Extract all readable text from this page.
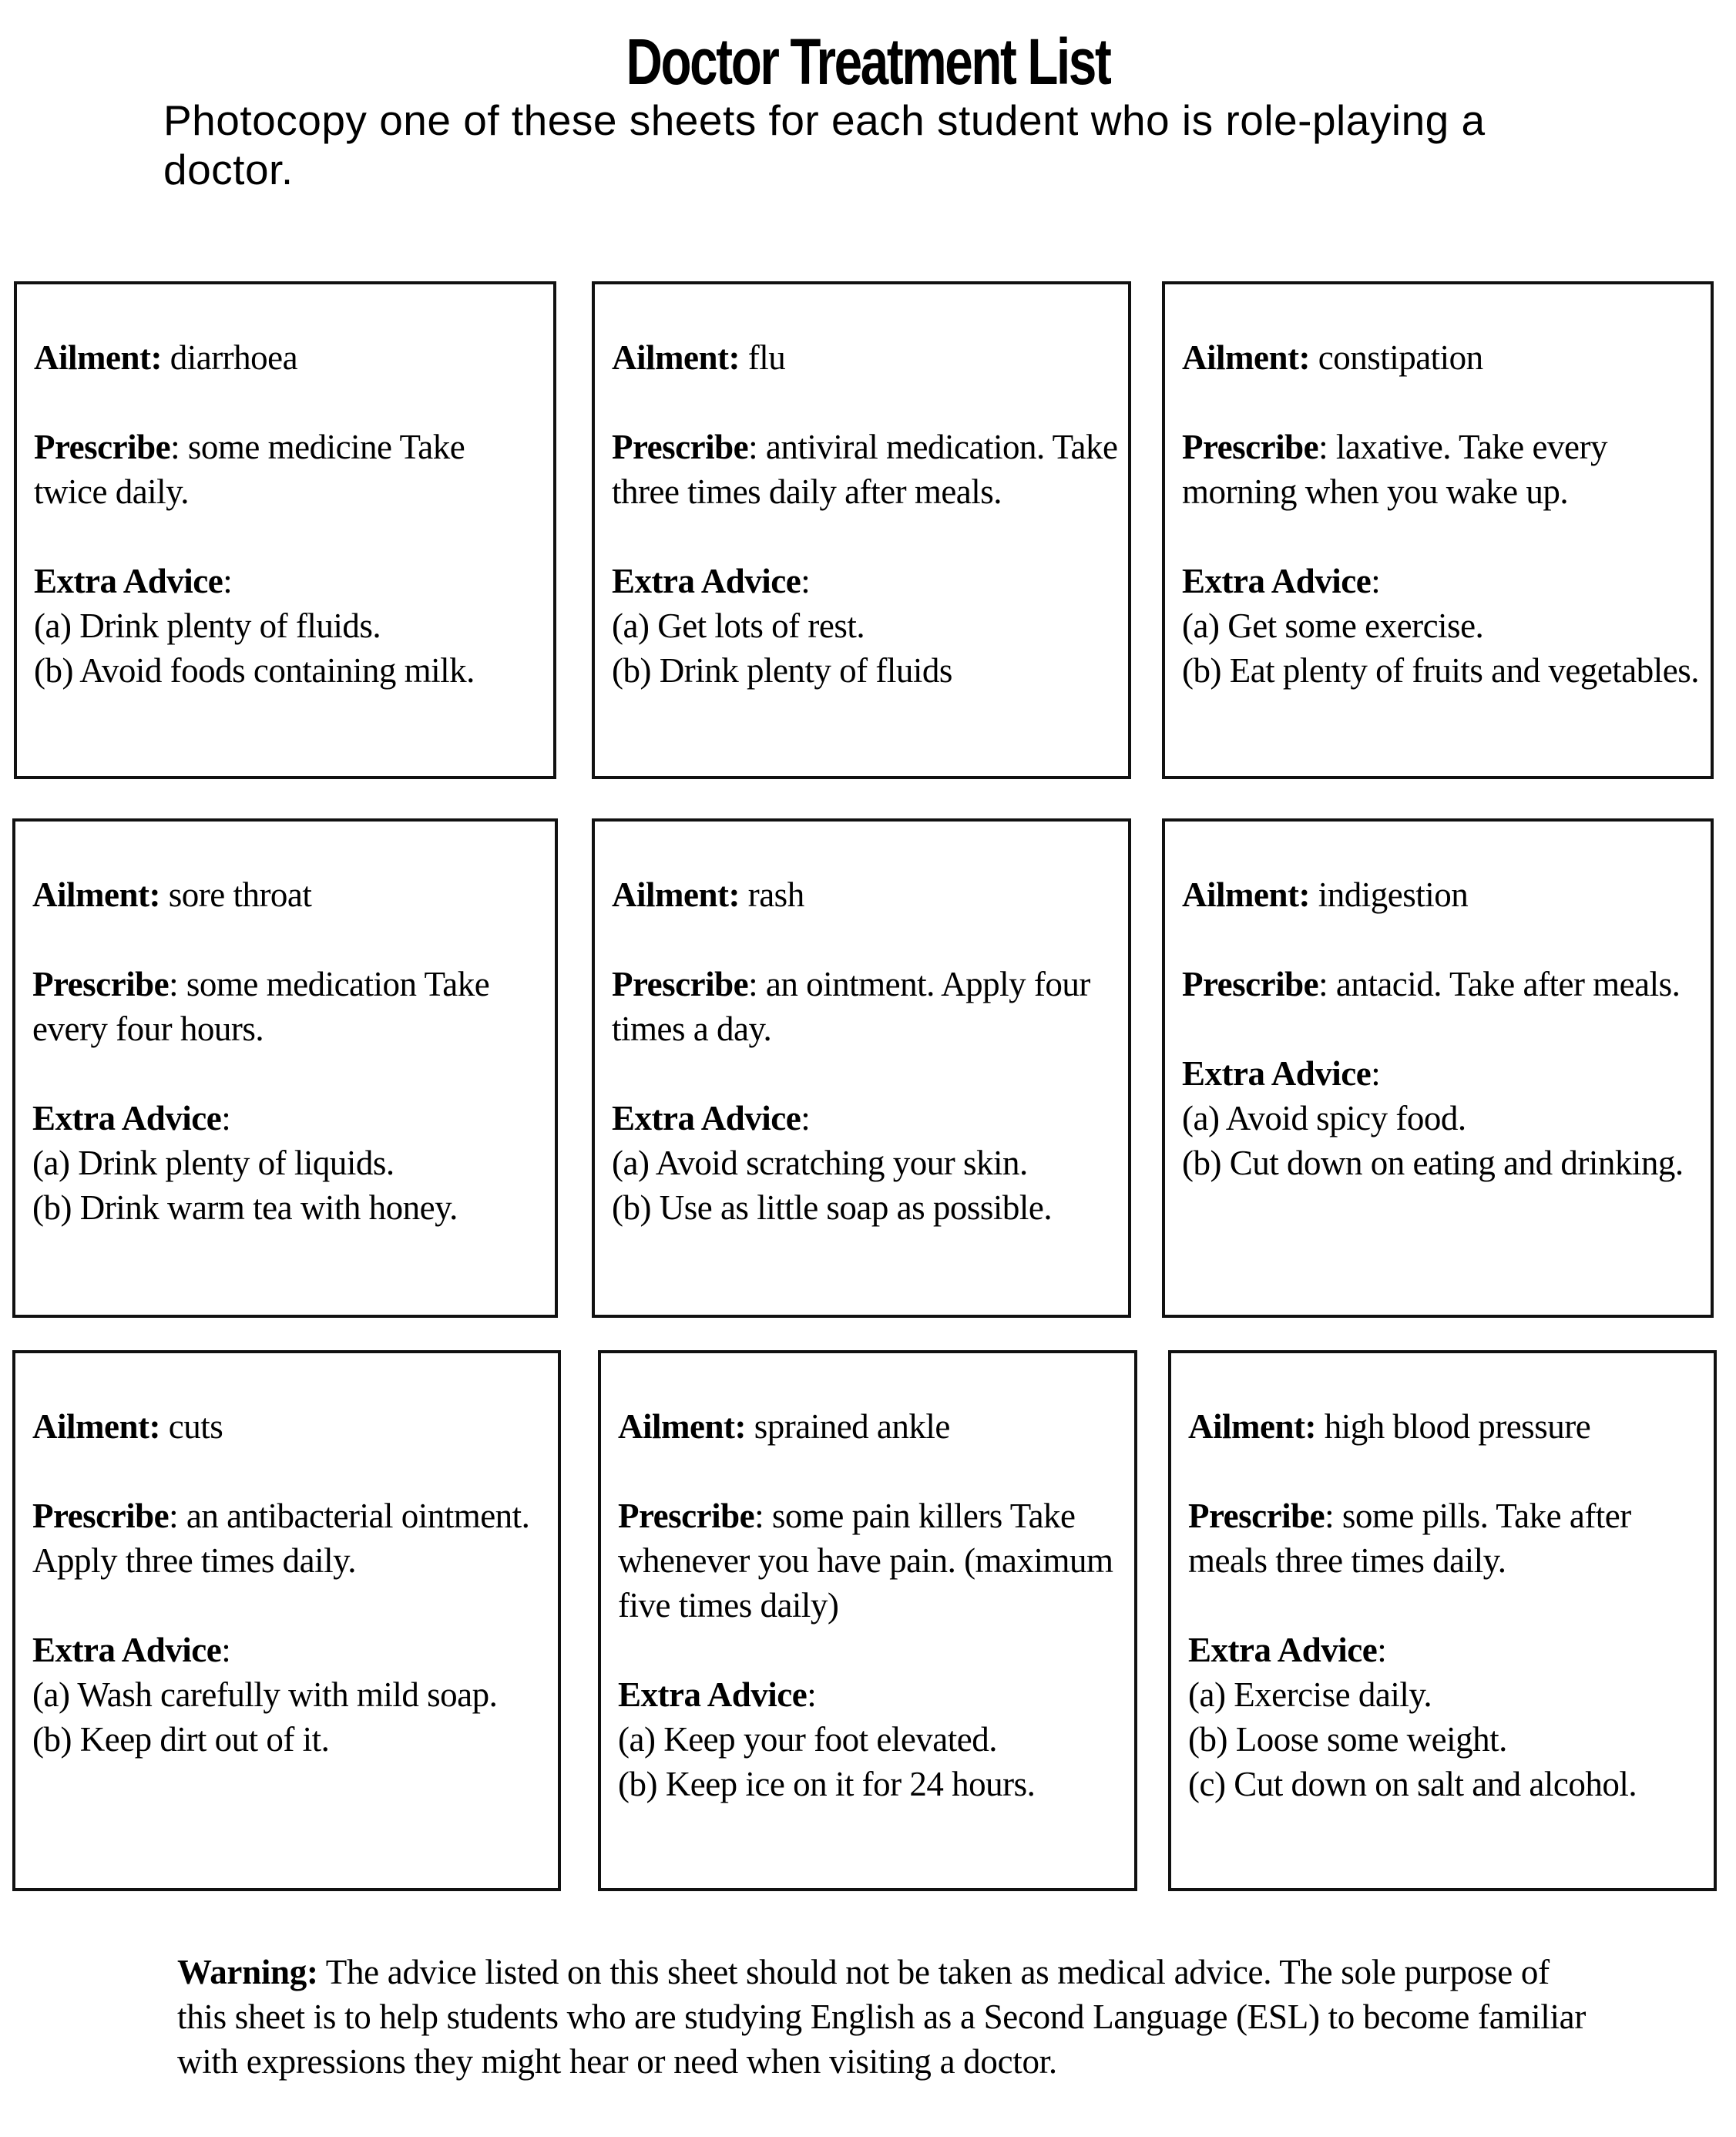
Doctor Treatment List
Photocopy one of these sheets for each student who is role-playing a doctor.
Ailment: diarrhoea
Prescribe: some medicine Take twice daily.
Extra Advice:
(a) Drink plenty of fluids.
(b) Avoid foods containing milk.
Ailment: flu
Prescribe: antiviral medication. Take three times daily after meals.
Extra Advice:
(a) Get lots of rest.
(b) Drink plenty of fluids
Ailment: constipation
Prescribe: laxative. Take every morning when you wake up.
Extra Advice:
(a) Get some exercise.
(b) Eat plenty of fruits and vegetables.
Ailment: sore throat
Prescribe: some medication Take every four hours.
Extra Advice:
(a) Drink plenty of liquids.
(b) Drink warm tea with honey.
Ailment: rash
Prescribe: an ointment. Apply four times a day.
Extra Advice:
(a) Avoid scratching your skin.
(b) Use as little soap as possible.
Ailment: indigestion
Prescribe: antacid. Take after meals.
Extra Advice:
(a) Avoid spicy food.
(b) Cut down on eating and drinking.
Ailment: cuts
Prescribe: an antibacterial ointment. Apply three times daily.
Extra Advice:
(a) Wash carefully with mild soap.
(b) Keep dirt out of it.
Ailment: sprained ankle
Prescribe: some pain killers Take whenever you have pain. (maximum five times daily)
Extra Advice:
(a) Keep your foot elevated.
(b) Keep ice on it for 24 hours.
Ailment: high blood pressure
Prescribe: some pills. Take after meals three times daily.
Extra Advice:
(a) Exercise daily.
(b) Loose some weight.
(c) Cut down on salt and alcohol.
Warning: The advice listed on this sheet should not be taken as medical advice. The sole purpose of this sheet is to help students who are studying English as a Second Language (ESL) to become familiar with expressions they might hear or need when visiting a doctor.
